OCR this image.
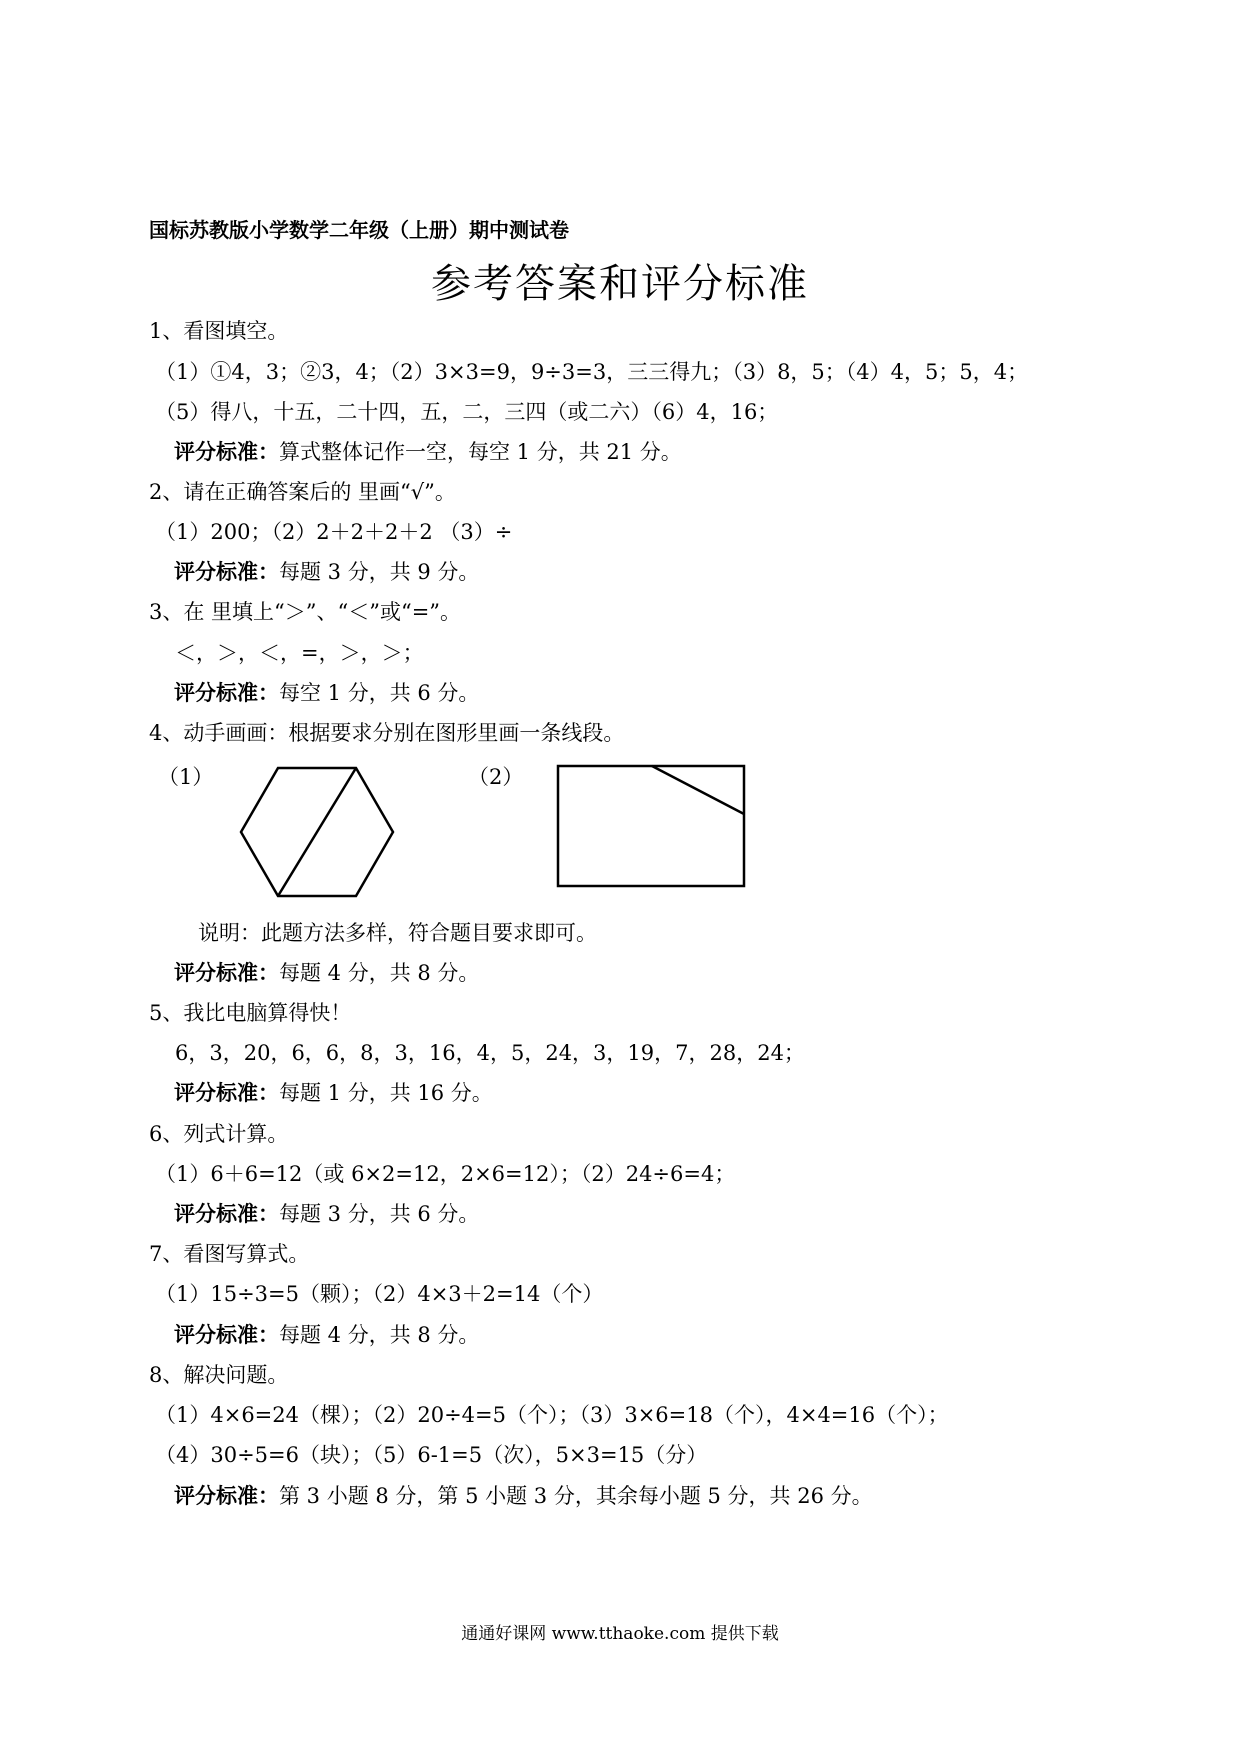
国标苏教版小学数学二年级（上册）期中测试卷
参考答案和评分标准
1、看图填空。
（1）①4，3；②3，4；（2）3×3=9，9÷3=3，三三得九；（3）8，5；（4）4，5；5，4；
（5）得八，十五，二十四，五，二，三四（或二六）（6）4，16；
评分标准：算式整体记作一空，每空 1 分，共 21 分。
2、请在正确答案后的 里画“√”。
（1）200；（2）2＋2＋2＋2 （3）÷
评分标准：每题 3 分，共 9 分。
3、在 里填上“＞”、“＜”或“=”。
＜，＞，＜，=，＞，＞；
评分标准：每空 1 分，共 6 分。
4、动手画画：根据要求分别在图形里画一条线段。
（1）	（2）
说明：此题方法多样，符合题目要求即可。
评分标准：每题 4 分，共 8 分。
5、我比电脑算得快！
6，3，20，6，6，8，3，16，4，5，24，3，19，7，28，24；
评分标准：每题 1 分，共 16 分。
6、列式计算。
（1）6＋6=12（或 6×2=12，2×6=12）；（2）24÷6=4；
评分标准：每题 3 分，共 6 分。
7、看图写算式。
（1）15÷3=5（颗）；（2）4×3＋2=14（个）
评分标准：每题 4 分，共 8 分。
8、解决问题。
（1）4×6=24（棵）；（2）20÷4=5（个）；（3）3×6=18（个），4×4=16（个）；
（4）30÷5=6（块）；（5）6-1=5（次），5×3=15（分）
评分标准：第 3 小题 8 分，第 5 小题 3 分，其余每小题 5 分，共 26 分。
通通好课网 www.tthaoke.com 提供下载
